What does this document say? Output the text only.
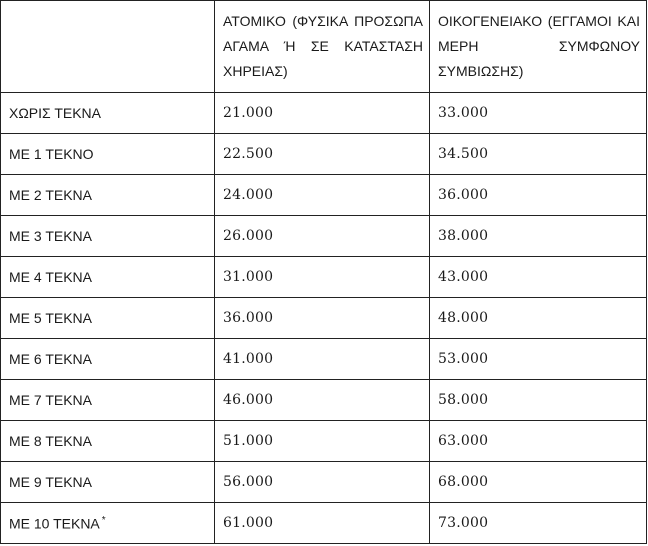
	ΑΤΟΜΙΚΟ (ΦΥΣΙΚΑ ΠΡΟΣΩΠΑ ΑΓΑΜΑ Ή ΣΕ ΚΑΤΑΣΤΑΣΗ ΧΗΡΕΙΑΣ)	ΟΙΚΟΓΕΝΕΙΑΚΟ (ΕΓΓΑΜΟΙ ΚΑΙ ΜΕΡΗ ΣΥΜΦΩΝΟΥ ΣΥΜΒΙΩΣΗΣ)
ΧΩΡΙΣ ΤΕΚΝΑ	21.000	33.000
ΜΕ 1 ΤΕΚΝΟ	22.500	34.500
ΜΕ 2 ΤΕΚΝΑ	24.000	36.000
ΜΕ 3 ΤΕΚΝΑ	26.000	38.000
ΜΕ 4 ΤΕΚΝΑ	31.000	43.000
ΜΕ 5 ΤΕΚΝΑ	36.000	48.000
ΜΕ 6 ΤΕΚΝΑ	41.000	53.000
ΜΕ 7 ΤΕΚΝΑ	46.000	58.000
ΜΕ 8 ΤΕΚΝΑ	51.000	63.000
ΜΕ 9 ΤΕΚΝΑ	56.000	68.000
ΜΕ 10 ΤΕΚΝΑ *	61.000	73.000
